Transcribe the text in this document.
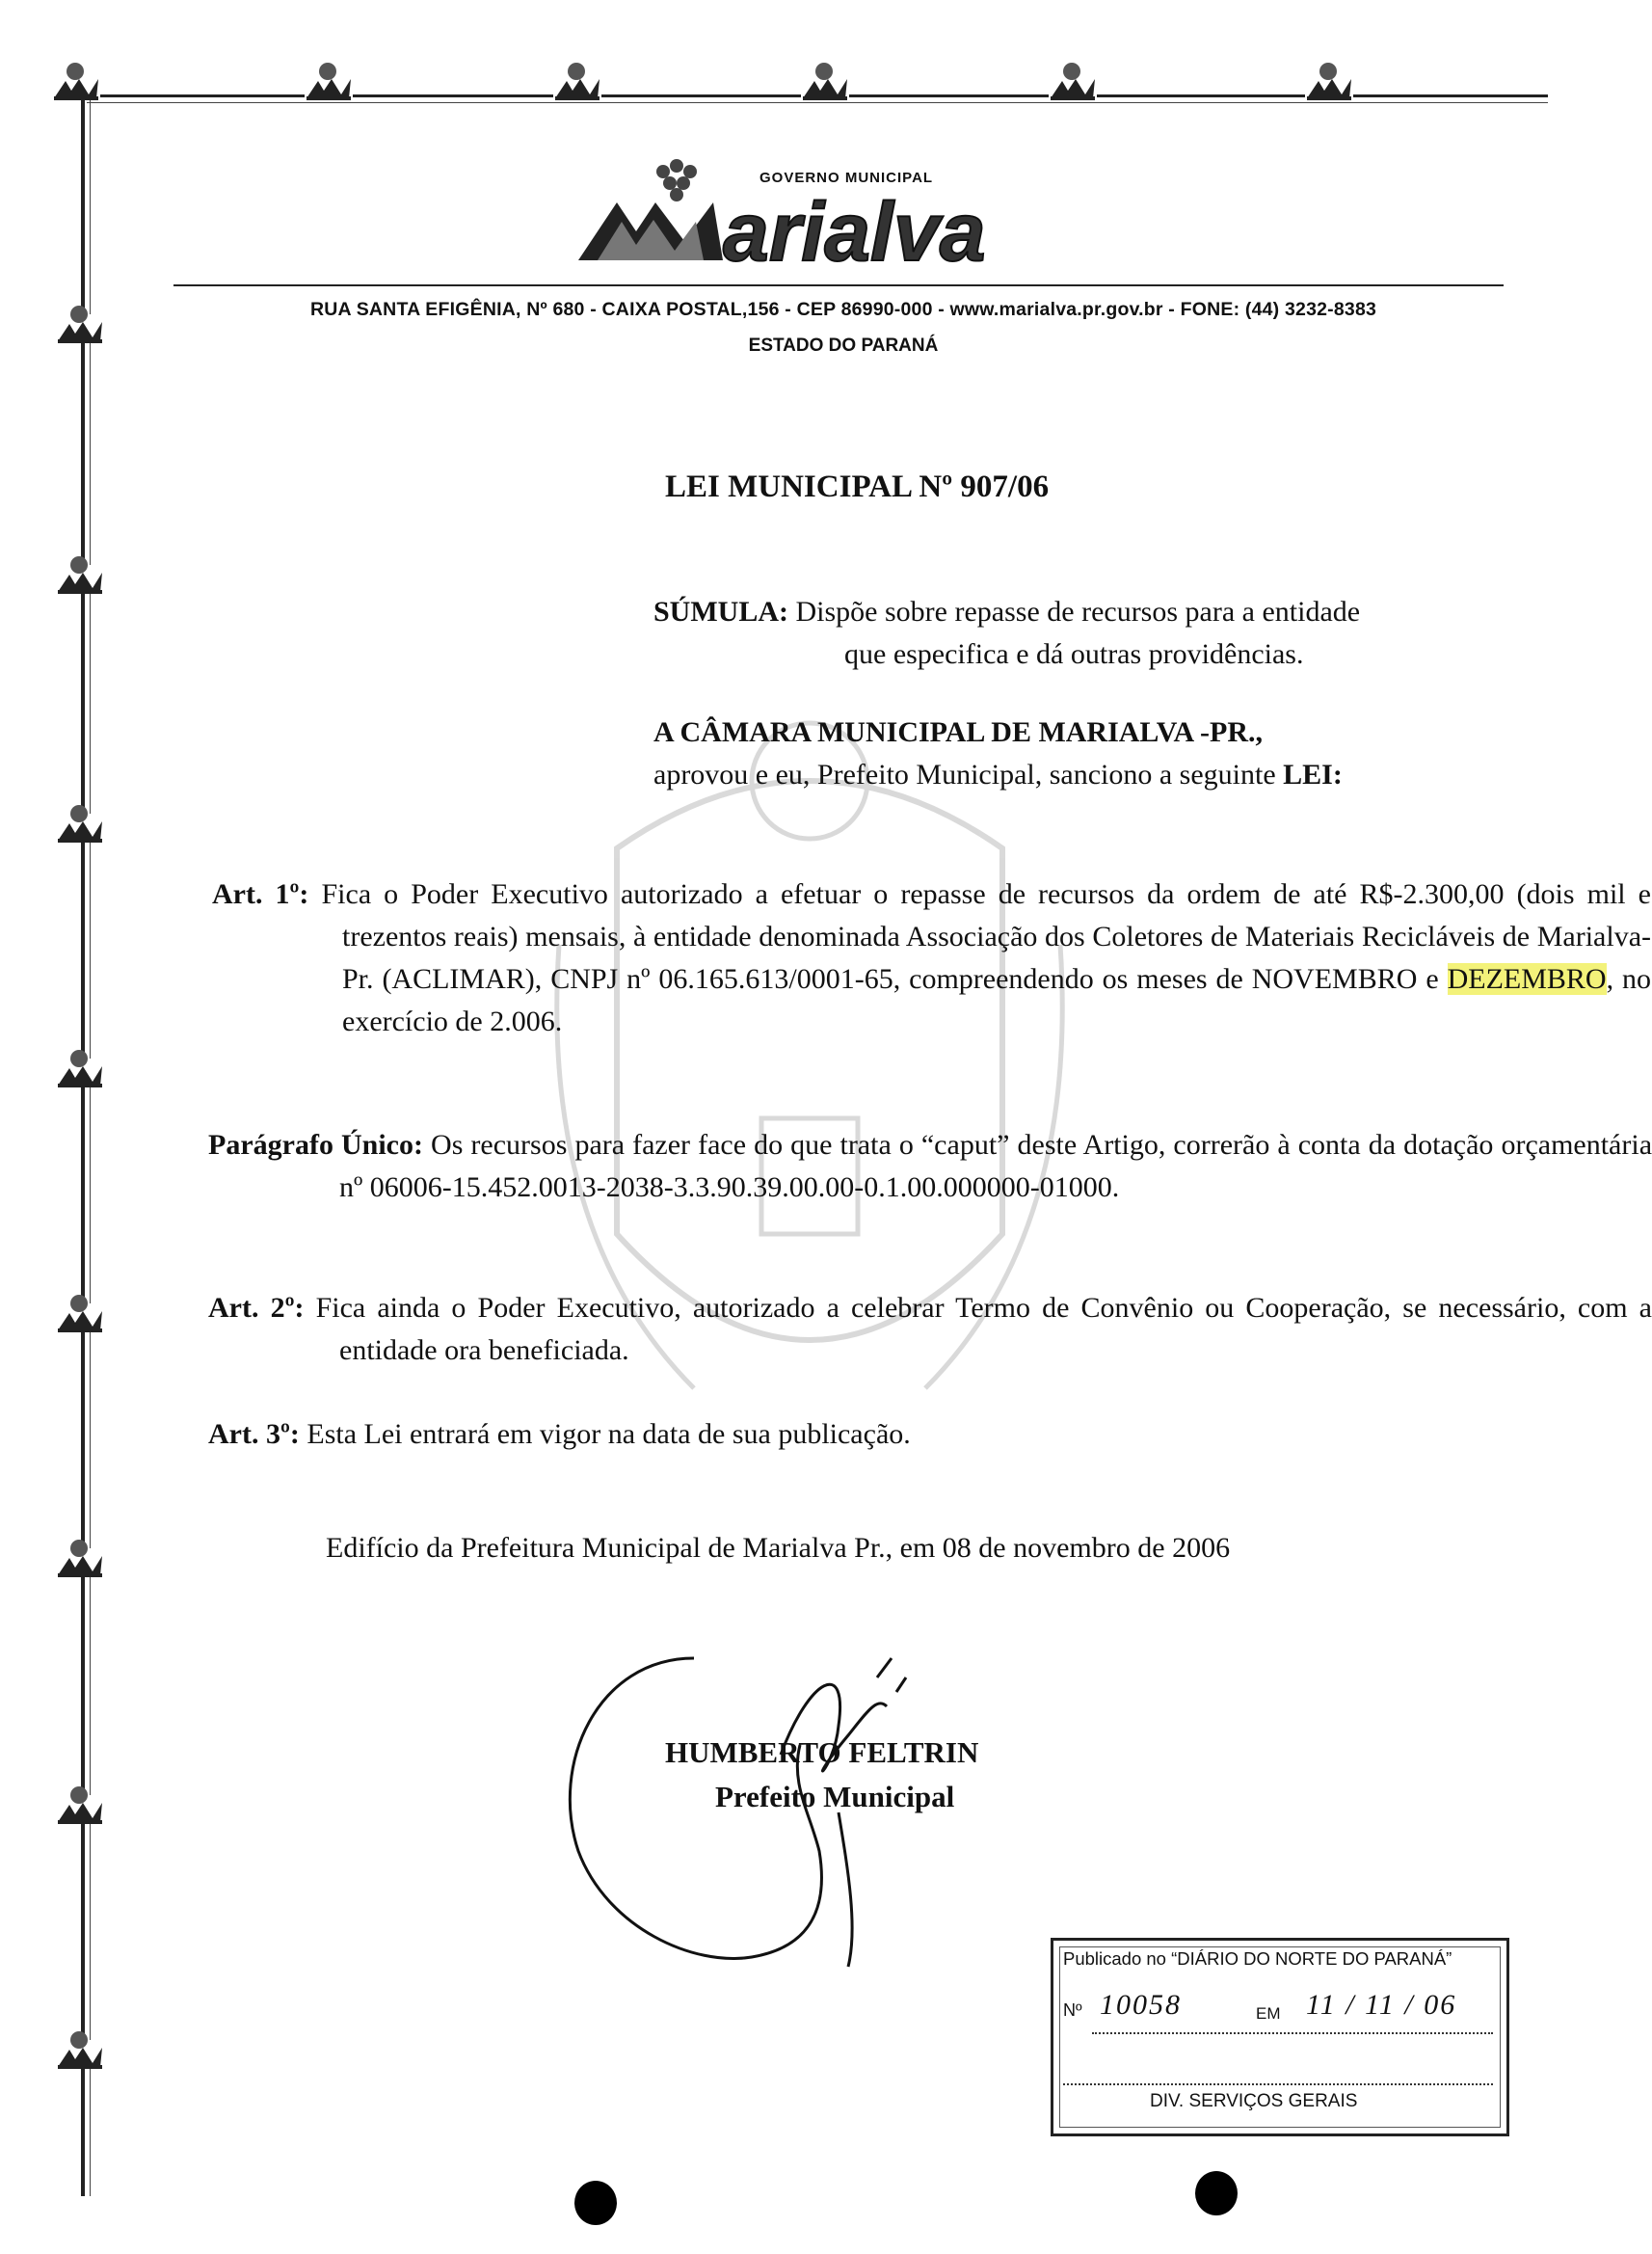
arialva
GOVERNO MUNICIPAL
RUA SANTA EFIGÊNIA, Nº 680 - CAIXA POSTAL,156 - CEP 86990-000 - www.marialva.pr.gov.br - FONE: (44) 3232-8383
ESTADO DO PARANÁ
LEI MUNICIPAL Nº 907/06
SÚMULA: Dispõe sobre repasse de recursos para a entidade
que especifica e dá outras providências.
A CÂMARA MUNICIPAL DE MARIALVA -PR.,
aprovou e eu, Prefeito Municipal, sanciono a seguinte LEI:
Art. 1º: Fica o Poder Executivo autorizado a efetuar o repasse de recursos da ordem de até R$-2.300,00 (dois mil e trezentos reais) mensais, à entidade denominada Associação dos Coletores de Materiais Recicláveis de Marialva-Pr. (ACLIMAR), CNPJ nº 06.165.613/0001-65, compreendendo os meses de NOVEMBRO e DEZEMBRO, no exercício de 2.006.
Parágrafo Único: Os recursos para fazer face do que trata o “caput” deste Artigo, correrão à conta da dotação orçamentária nº 06006-15.452.0013-2038-3.3.90.39.00.00-0.1.00.000000-01000.
Art. 2º: Fica ainda o Poder Executivo, autorizado a celebrar Termo de Convênio ou Cooperação, se necessário, com a entidade ora beneficiada.
Art. 3º: Esta Lei entrará em vigor na data de sua publicação.
Edifício da Prefeitura Municipal de Marialva Pr., em 08 de novembro de 2006
HUMBERTO FELTRIN
Prefeito Municipal
Publicado no “DIÁRIO DO NORTE DO PARANÁ”
Nº 10058	EM 11 / 11 / 06
DIV. SERVIÇOS GERAIS
